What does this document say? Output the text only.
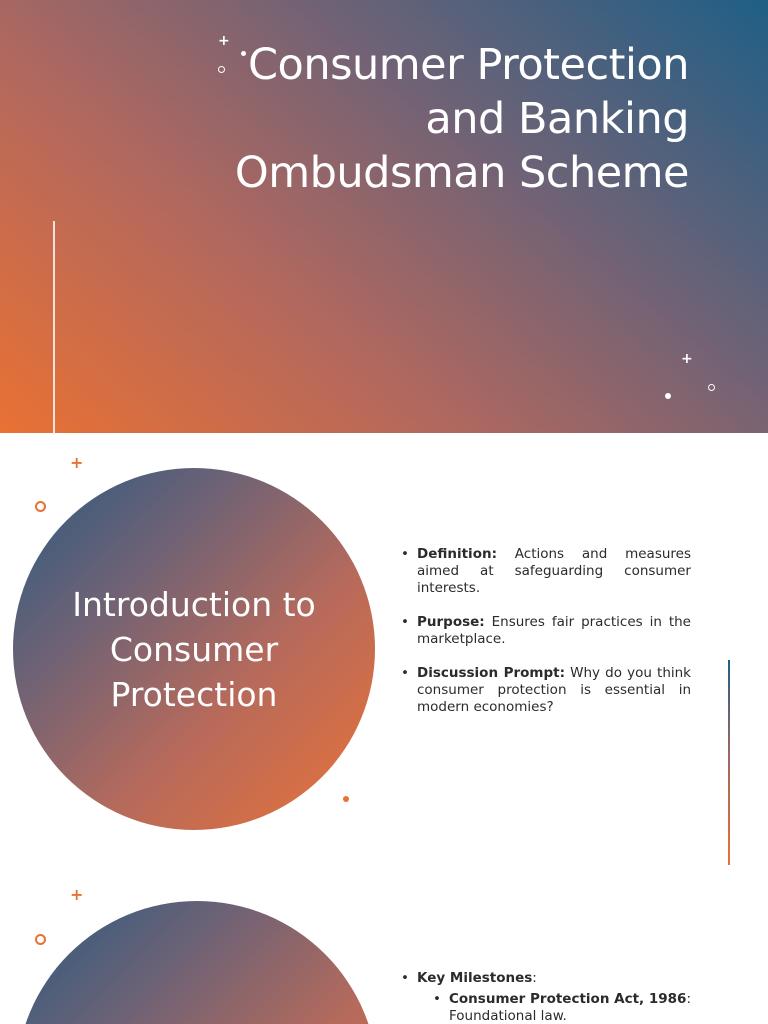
+ Consumer Protection
and Banking
Ombudsman Scheme
+
+
Introduction to Consumer Protection
• Definition: Actions and measures aimed at safeguarding consumer interests.
• Purpose: Ensures fair practices in the marketplace.
• Discussion Prompt: Why do you think consumer protection is essential in modern economies?
+
• Key Milestones:
• Consumer Protection Act, 1986:
Foundational law.
